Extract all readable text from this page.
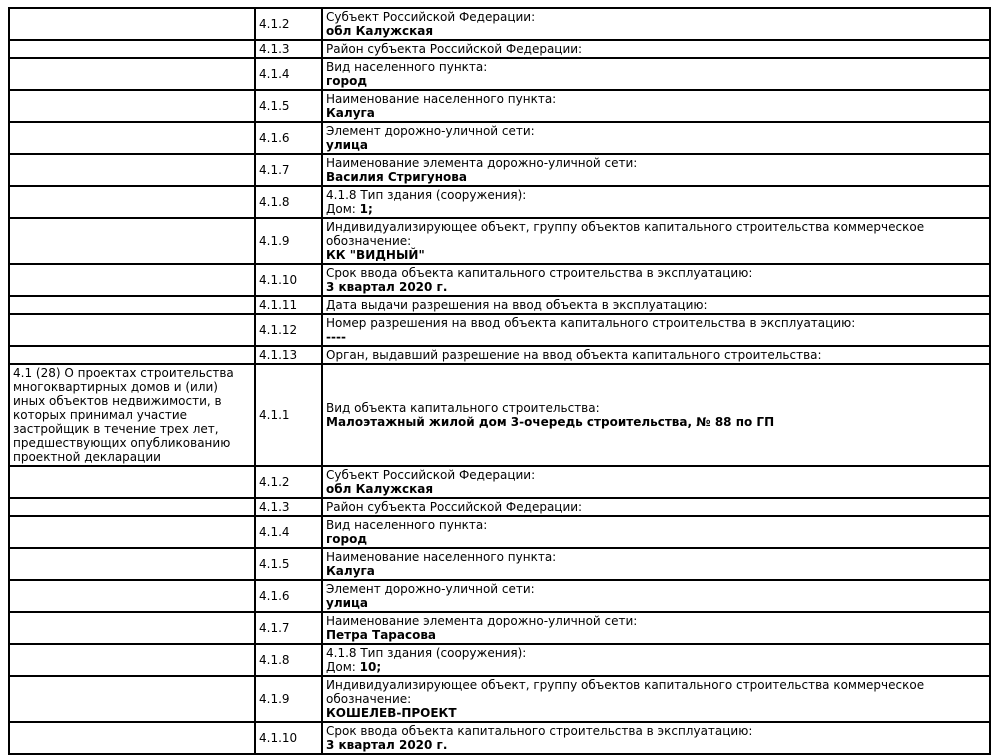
	4.1.2	Субъект Российской Федерации:
обл Калужская

	4.1.3	Район субъекта Российской Федерации:

	4.1.4	Вид населенного пункта:
город

	4.1.5	Наименование населенного пункта:
Калуга

	4.1.6	Элемент дорожно-уличной сети:
улица

	4.1.7	Наименование элемента дорожно-уличной сети:
Василия Стригунова

	4.1.8	4.1.8 Тип здания (сооружения):
Дом: 1;

	4.1.9	Индивидуализирующее объект, группу объектов капитального строительства коммерческое обозначение:
КК "ВИДНЫЙ"

	4.1.10	Срок ввода объекта капитального строительства в эксплуатацию:
3 квартал 2020 г.

	4.1.11	Дата выдачи разрешения на ввод объекта в эксплуатацию:

	4.1.12	Номер разрешения на ввод объекта капитального строительства в эксплуатацию:
----

	4.1.13	Орган, выдавший разрешение на ввод объекта капитального строительства:

4.1 (28) О проектах строительства многоквартирных домов и (или) иных объектов недвижимости, в которых принимал участие застройщик в течение трех лет, предшествующих опубликованию проектной декларации	4.1.1	Вид объекта капитального строительства:
Малоэтажный жилой дом 3-очередь строительства, № 88 по ГП

	4.1.2	Субъект Российской Федерации:
обл Калужская

	4.1.3	Район субъекта Российской Федерации:

	4.1.4	Вид населенного пункта:
город

	4.1.5	Наименование населенного пункта:
Калуга

	4.1.6	Элемент дорожно-уличной сети:
улица

	4.1.7	Наименование элемента дорожно-уличной сети:
Петра Тарасова

	4.1.8	4.1.8 Тип здания (сооружения):
Дом: 10;

	4.1.9	Индивидуализирующее объект, группу объектов капитального строительства коммерческое обозначение:
КОШЕЛЕВ-ПРОЕКТ

	4.1.10	Срок ввода объекта капитального строительства в эксплуатацию:
3 квартал 2020 г.
